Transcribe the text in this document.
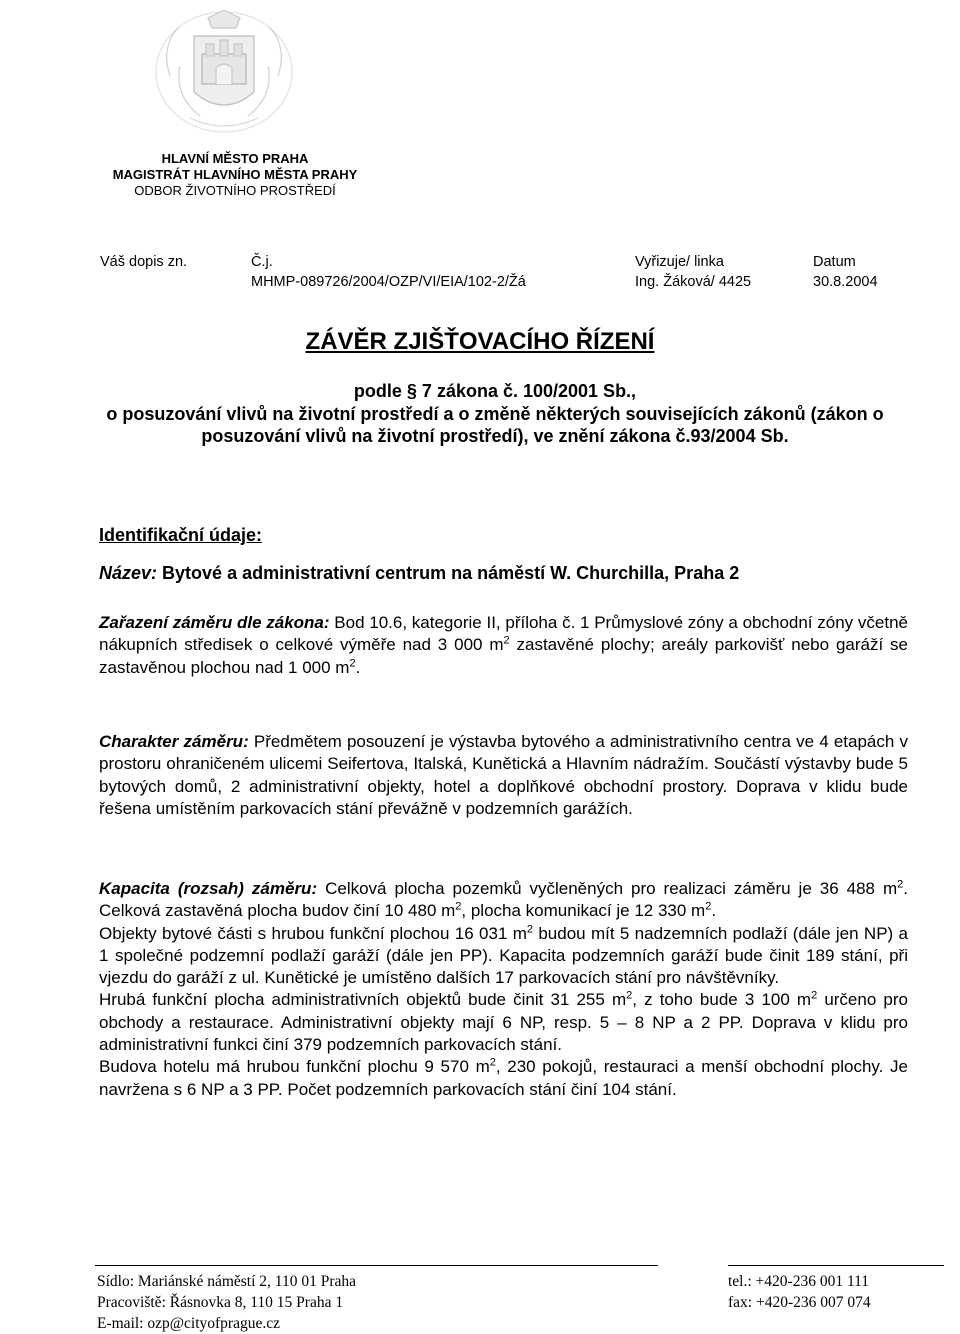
HLAVNÍ MĚSTO PRAHA
MAGISTRÁT HLAVNÍHO MĚSTA PRAHY
ODBOR ŽIVOTNÍHO PROSTŘEDÍ
Váš dopis zn.	Č.j.
MHMP-089726/2004/OZP/VI/EIA/102-2/Žá
Vyřizuje/ linka
Ing. Žáková/ 4425
Datum
30.8.2004
ZÁVĚR ZJIŠŤOVACÍHO ŘÍZENÍ
podle § 7 zákona č. 100/2001 Sb.,
o posuzování vlivů na životní prostředí a o změně některých souvisejících zákonů (zákon o posuzování vlivů na životní prostředí), ve znění zákona č.93/2004 Sb.
Identifikační údaje:
Název: Bytové a administrativní centrum na náměstí W. Churchilla, Praha 2
Zařazení záměru dle zákona: Bod 10.6, kategorie II, příloha č. 1 Průmyslové zóny a obchodní zóny včetně nákupních středisek o celkové výměře nad 3 000 $m^2$ zastavěné plochy; areály parkovišť nebo garáží se zastavěnou plochou nad 1 000 $m^2$.
Charakter záměru: Předmětem posouzení je výstavba bytového a administrativního centra ve 4 etapách v prostoru ohraničeném ulicemi Seifertova, Italská, Kunětická a Hlavním nádražím. Součástí výstavby bude 5 bytových domů, 2 administrativní objekty, hotel a doplňkové obchodní prostory. Doprava v klidu bude řešena umístěním parkovacích stání převážně v podzemních garážích.
Kapacita (rozsah) záměru: Celková plocha pozemků vyčleněných pro realizaci záměru je 36 488 $m^2$. Celková zastavěná plocha budov činí 10 480 $m^2$, plocha komunikací je 12 330 $m^2$.
Objekty bytové části s hrubou funkční plochou 16 031 $m^2$ budou mít 5 nadzemních podlaží (dále jen NP) a 1 společné podzemní podlaží garáží (dále jen PP). Kapacita podzemních garáží bude činit 189 stání, při vjezdu do garáží z ul. Kunětické je umístěno dalších 17 parkovacích stání pro návštěvníky.
Hrubá funkční plocha administrativních objektů bude činit 31 255 $m^2$, z toho bude 3 100 $m^2$ určeno pro obchody a restaurace. Administrativní objekty mají 6 NP, resp. 5 – 8 NP a 2 PP. Doprava v klidu pro administrativní funkci činí 379 podzemních parkovacích stání.
Budova hotelu má hrubou funkční plochu 9 570 $m^2$, 230 pokojů, restauraci a menší obchodní plochy. Je navržena s 6 NP a 3 PP. Počet podzemních parkovacích stání činí 104 stání.
Sídlo: Mariánské náměstí 2, 110 01 Praha
Pracoviště: Řásnovka 8, 110 15 Praha 1
E-mail: ozp@cityofprague.cz
tel.: +420-236 001 111
fax: +420-236 007 074
